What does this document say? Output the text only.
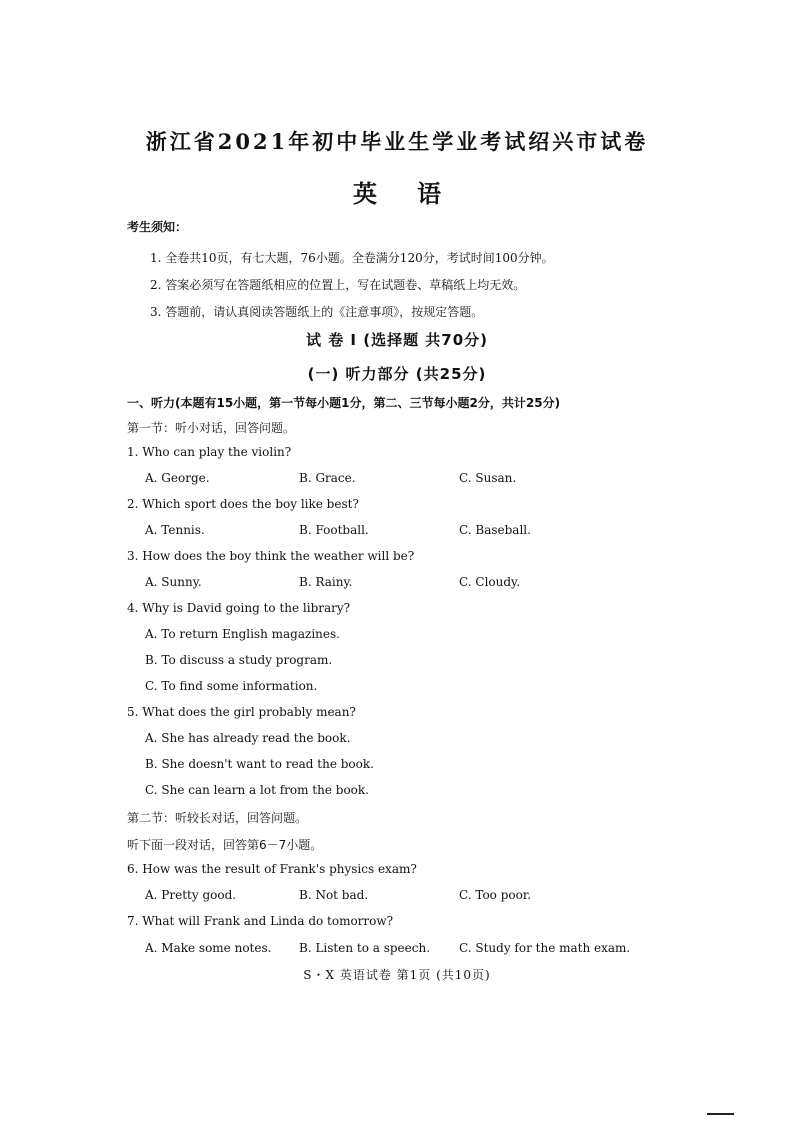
浙江省2021年初中毕业生学业考试绍兴市试卷
英语
考生须知：
1. 全卷共10页，有七大题，76小题。全卷满分120分，考试时间100分钟。
2. 答案必须写在答题纸相应的位置上，写在试题卷、草稿纸上均无效。
3. 答题前，请认真阅读答题纸上的《注意事项》，按规定答题。
试 卷 Ⅰ (选择题 共70分)
(一) 听力部分 (共25分)
一、听力(本题有15小题，第一节每小题1分，第二、三节每小题2分，共计25分)
第一节：听小对话，回答问题。
1. Who can play the violin?
A. George.	B. Grace.	C. Susan.
2. Which sport does the boy like best?
A. Tennis.	B. Football.	C. Baseball.
3. How does the boy think the weather will be?
A. Sunny.	B. Rainy.	C. Cloudy.
4. Why is David going to the library?
A. To return English magazines.
B. To discuss a study program.
C. To find some information.
5. What does the girl probably mean?
A. She has already read the book.
B. She doesn't want to read the book.
C. She can learn a lot from the book.
第二节：听较长对话，回答问题。
听下面一段对话，回答第6－7小题。
6. How was the result of Frank's physics exam?
A. Pretty good.	B. Not bad.	C. Too poor.
7. What will Frank and Linda do tomorrow?
A. Make some notes. B. Listen to a speech. C. Study for the math exam.
S・X 英语试卷 第1页 (共10页)
